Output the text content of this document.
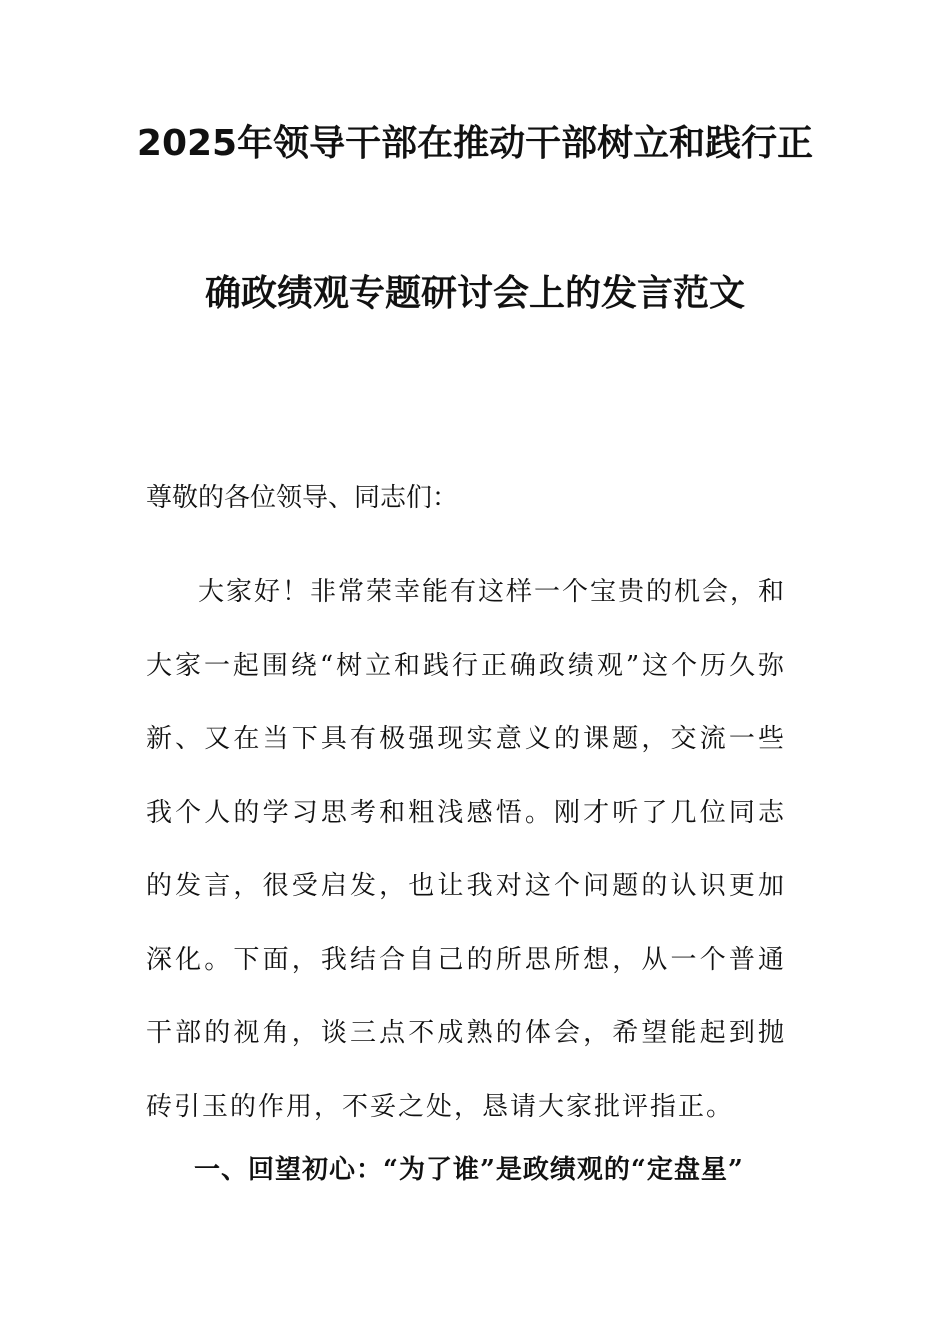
2025年领导干部在推动干部树立和践行正
确政绩观专题研讨会上的发言范文
尊敬的各位领导、同志们：
大家好！非常荣幸能有这样一个宝贵的机会，和大家一起围绕“树立和践行正确政绩观”这个历久弥新、又在当下具有极强现实意义的课题，交流一些我个人的学习思考和粗浅感悟。刚才听了几位同志的发言，很受启发，也让我对这个问题的认识更加深化。下面，我结合自己的所思所想，从一个普通干部的视角，谈三点不成熟的体会，希望能起到抛砖引玉的作用，不妥之处，恳请大家批评指正。
一、回望初心：“为了谁”是政绩观的“定盘星”
